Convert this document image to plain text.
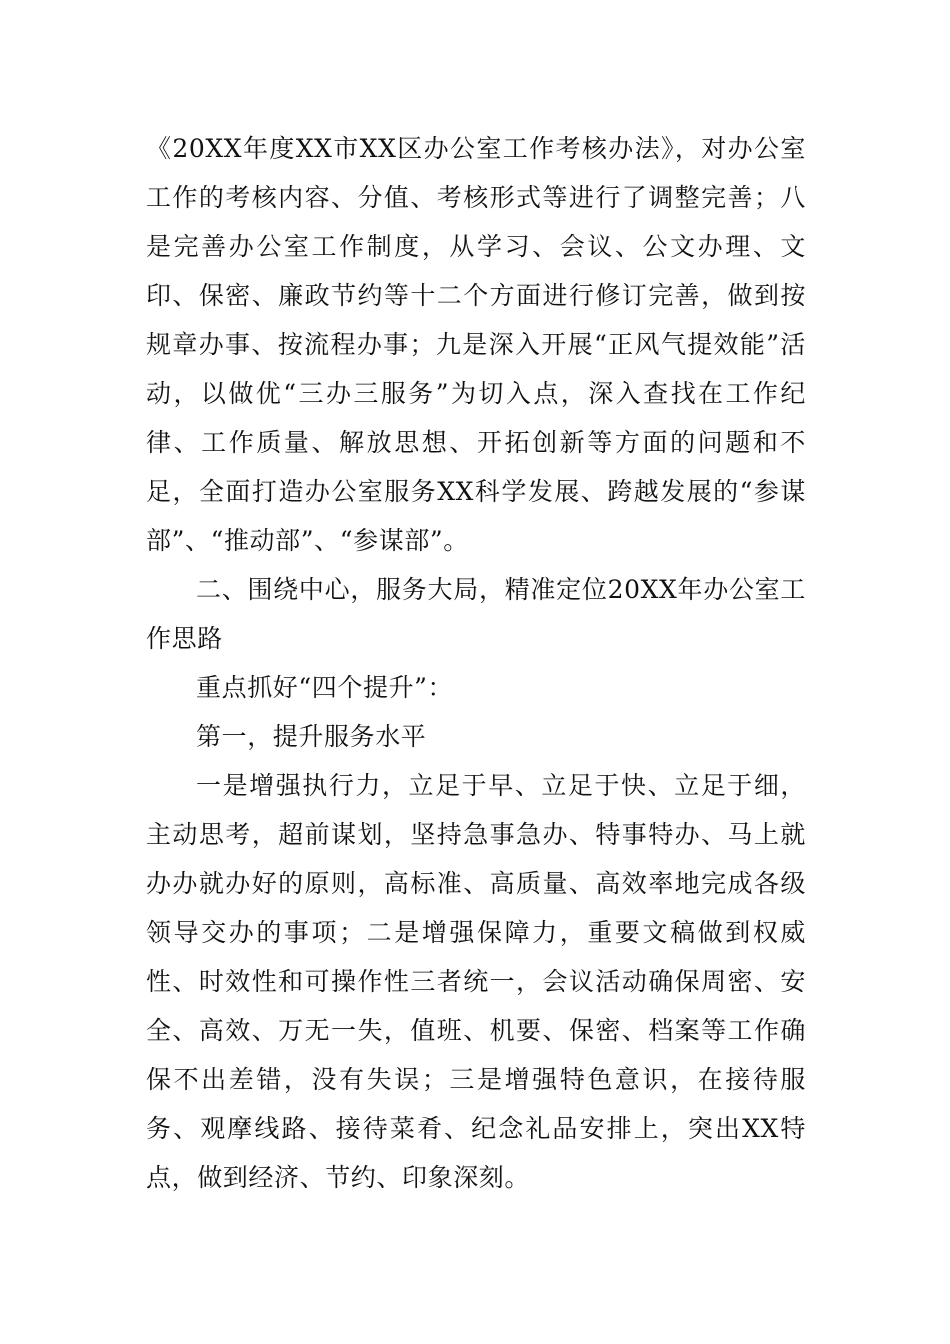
《20XX年度XX市XX区办公室工作考核办法》，对办公室工作的考核内容、分值、考核形式等进行了调整完善；八是完善办公室工作制度，从学习、会议、公文办理、文印、保密、廉政节约等十二个方面进行修订完善，做到按规章办事、按流程办事；九是深入开展“正风气提效能”活动，以做优“三办三服务”为切入点，深入查找在工作纪律、工作质量、解放思想、开拓创新等方面的问题和不足，全面打造办公室服务XX科学发展、跨越发展的“参谋部”、“推动部”、“参谋部”。

二、围绕中心，服务大局，精准定位20XX年办公室工作思路

重点抓好“四个提升”：

第一，提升服务水平

一是增强执行力，立足于早、立足于快、立足于细，主动思考，超前谋划，坚持急事急办、特事特办、马上就办办就办好的原则，高标准、高质量、高效率地完成各级领导交办的事项；二是增强保障力，重要文稿做到权威性、时效性和可操作性三者统一，会议活动确保周密、安全、高效、万无一失，值班、机要、保密、档案等工作确保不出差错，没有失误；三是增强特色意识，在接待服务、观摩线路、接待菜肴、纪念礼品安排上，突出XX特点，做到经济、节约、印象深刻。
